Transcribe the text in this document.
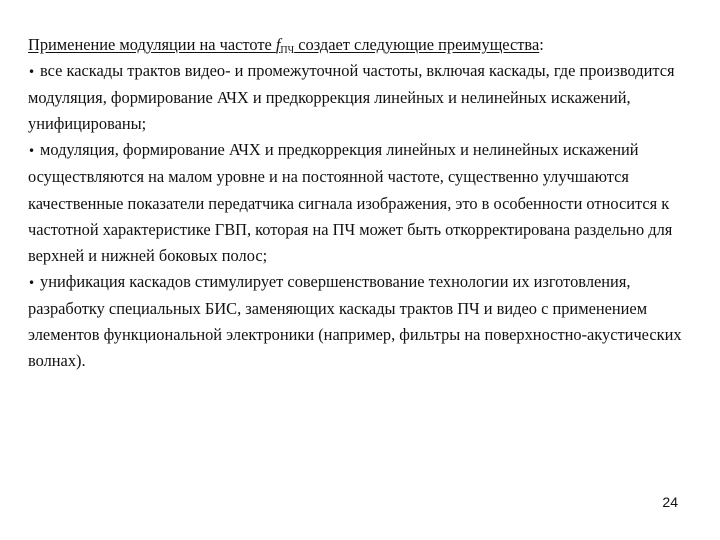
Применение модуляции на частоте $f_{ПЧ}$ создает следующие преимущества:

• все каскады трактов видео- и промежуточной частоты, включая каскады, где производится модуляция, формирование АЧХ и предкоррекция линейных и нелинейных искажений, унифицированы;

• модуляция, формирование АЧХ и предкоррекция линейных и нелинейных искажений осуществляются на малом уровне и на постоянной частоте, существенно улучшаются качественные показатели передатчика сигнала изображения, это в особенности относится к частотной характеристике ГВП, которая на ПЧ может быть откорректирована раздельно для верхней и нижней боковых полос;

• унификация каскадов стимулирует совершенствование технологии их изготовления, разработку специальных БИС, заменяющих каскады трактов ПЧ и видео с применением элементов функциональной электроники (например, фильтры на поверхностно-акустических волнах).

24
